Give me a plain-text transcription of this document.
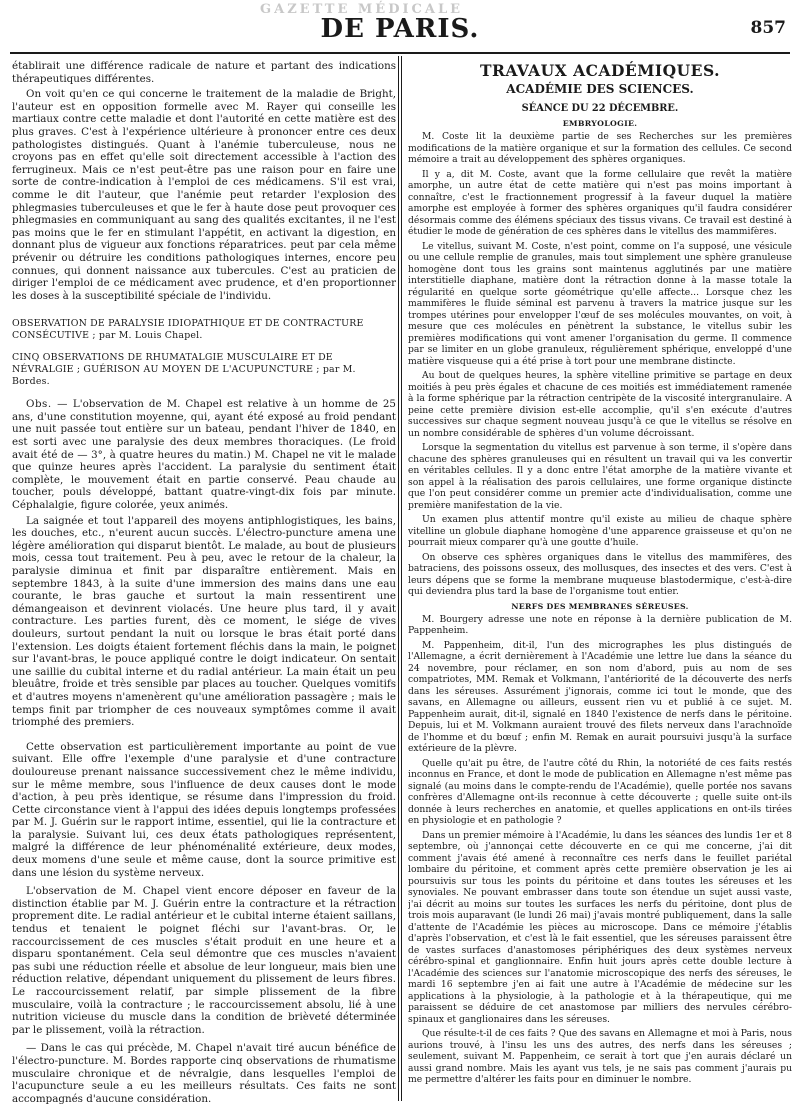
GAZETTE MÉDICALE
DE PARIS.	857

établirait une différence radicale de nature et partant des indications thérapeutiques différentes.

On voit qu'en ce qui concerne le traitement de la maladie de Bright, l'auteur est en opposition formelle avec M. Rayer qui conseille les martiaux contre cette maladie et dont l'autorité en cette matière est des plus graves. C'est à l'expérience ultérieure à prononcer entre ces deux pathologistes distingués. Quant à l'anémie tuberculeuse, nous ne croyons pas en effet qu'elle soit directement accessible à l'action des ferrugineux. Mais ce n'est peut-être pas une raison pour en faire une sorte de contre-indication à l'emploi de ces médicamens. S'il est vrai, comme le dit l'auteur, que l'anémie peut retarder l'explosion des phlegmasies tuberculeuses et que le fer à haute dose peut provoquer ces phlegmasies en communiquant au sang des qualités excitantes, il ne l'est pas moins que le fer en stimulant l'appétit, en activant la digestion, en donnant plus de vigueur aux fonctions réparatrices. peut par cela même prévenir ou détruire les conditions pathologiques internes, encore peu connues, qui donnent naissance aux tubercules. C'est au praticien de diriger l'emploi de ce médicament avec prudence, et d'en proportionner les doses à la susceptibilité spéciale de l'individu.

OBSERVATION DE PARALYSIE IDIOPATHIQUE ET DE CONTRACTURE CONSÉCUTIVE ; par M. Louis Chapel.
CINQ OBSERVATIONS DE RHUMATALGIE MUSCULAIRE ET DE NÉVRALGIE ; GUÉRISON AU MOYEN DE L'ACUPUNCTURE ; par M. Bordes.

Obs. — L'observation de M. Chapel est relative à un homme de 25 ans, d'une constitution moyenne, qui, ayant été exposé au froid pendant une nuit passée tout entière sur un bateau, pendant l'hiver de 1840, en est sorti avec une paralysie des deux membres thoraciques. (Le froid avait été de — 3°, à quatre heures du matin.) M. Chapel ne vit le malade que quinze heures après l'accident. La paralysie du sentiment était complète, le mouvement était en partie conservé. Peau chaude au toucher, pouls développé, battant quatre-vingt-dix fois par minute. Céphalalgie, figure colorée, yeux animés.

La saignée et tout l'appareil des moyens antiphlogistiques, les bains, les douches, etc., n'eurent aucun succès. L'électro-puncture amena une légère amélioration qui disparut bientôt. Le malade, au bout de plusieurs mois, cessa tout traitement. Peu à peu, avec le retour de la chaleur, la paralysie diminua et finit par disparaître entièrement. Mais en septembre 1843, à la suite d'une immersion des mains dans une eau courante, le bras gauche et surtout la main ressentirent une démangeaison et devinrent violacés. Une heure plus tard, il y avait contracture. Les parties furent, dès ce moment, le siége de vives douleurs, surtout pendant la nuit ou lorsque le bras était porté dans l'extension. Les doigts étaient fortement fléchis dans la main, le poignet sur l'avant-bras, le pouce appliqué contre le doigt indicateur. On sentait une saillie du cubital interne et du radial antérieur. La main était un peu bleuâtre, froide et très sensible par places au toucher. Quelques vomitifs et d'autres moyens n'amenèrent qu'une amélioration passagère ; mais le temps finit par triompher de ces nouveaux symptômes comme il avait triomphé des premiers.

Cette observation est particulièrement importante au point de vue suivant. Elle offre l'exemple d'une paralysie et d'une contracture douloureuse prenant naissance successivement chez le même individu, sur le même membre, sous l'influence de deux causes dont le mode d'action, à peu près identique, se résume dans l'impression du froid. Cette circonstance vient à l'appui des idées depuis longtemps professées par M. J. Guérin sur le rapport intime, essentiel, qui lie la contracture et la paralysie. Suivant lui, ces deux états pathologiques représentent, malgré la différence de leur phénoménalité extérieure, deux modes, deux momens d'une seule et même cause, dont la source primitive est dans une lésion du système nerveux.

L'observation de M. Chapel vient encore déposer en faveur de la distinction établie par M. J. Guérin entre la contracture et la rétraction proprement dite. Le radial antérieur et le cubital interne étaient saillans, tendus et tenaient le poignet fléchi sur l'avant-bras. Or, le raccourcissement de ces muscles s'était produit en une heure et a disparu spontanément. Cela seul démontre que ces muscles n'avaient pas subi une réduction réelle et absolue de leur longueur, mais bien une réduction relative, dépendant uniquement du plissement de leurs fibres. Le raccourcissement relatif, par simple plissement de la fibre musculaire, voilà la contracture ; le raccourcissement absolu, lié à une nutrition vicieuse du muscle dans la condition de brièveté déterminée par le plissement, voilà la rétraction.

— Dans le cas qui précède, M. Chapel n'avait tiré aucun bénéfice de l'électro-puncture. M. Bordes rapporte cinq observations de rhumatisme musculaire chronique et de névralgie, dans lesquelles l'emploi de l'acupuncture seule a eu les meilleurs résultats. Ces faits ne sont accompagnés d'aucune considération.

TRAVAUX ACADÉMIQUES.
ACADÉMIE DES SCIENCES.
SÉANCE DU 22 DÉCEMBRE.
EMBRYOLOGIE.

M. Coste lit la deuxième partie de ses Recherches sur les premières modifications de la matière organique et sur la formation des cellules. Ce second mémoire a trait au développement des sphères organiques.

Il y a, dit M. Coste, avant que la forme cellulaire que revêt la matière amorphe, un autre état de cette matière qui n'est pas moins important à connaître, c'est le fractionnement progressif à la faveur duquel la matière amorphe est employée à former des sphères organiques qu'il faudra considérer désormais comme des élémens spéciaux des tissus vivans. Ce travail est destiné à étudier le mode de génération de ces sphères dans le vitellus des mammifères.

Le vitellus, suivant M. Coste, n'est point, comme on l'a supposé, une vésicule ou une cellule remplie de granules, mais tout simplement une sphère granuleuse homogène dont tous les grains sont maintenus agglutinés par une matière interstitielle diaphane, matière dont la rétraction donne à la masse totale la régularité en quelque sorte géométrique qu'elle affecte... Lorsque chez les mammifères le fluide séminal est parvenu à travers la matrice jusque sur les trompes utérines pour envelopper l'œuf de ses molécules mouvantes, on voit, à mesure que ces molécules en pénètrent la substance, le vitellus subir les premières modifications qui vont amener l'organisation du germe. Il commence par se limiter en un globe granuleux, régulièrement sphérique, enveloppé d'une matière visqueuse qui a été prise à tort pour une membrane distincte.

Au bout de quelques heures, la sphère vitelline primitive se partage en deux moitiés à peu près égales et chacune de ces moitiés est immédiatement ramenée à la forme sphérique par la rétraction centripète de la viscosité intergranulaire. A peine cette première division est-elle accomplie, qu'il s'en exécute d'autres successives sur chaque segment nouveau jusqu'à ce que le vitellus se résolve en un nombre considérable de sphères d'un volume décroissant.

Lorsque la segmentation du vitellus est parvenue à son terme, il s'opère dans chacune des sphères granuleuses qui en résultent un travail qui va les convertir en véritables cellules. Il y a donc entre l'état amorphe de la matière vivante et son appel à la réalisation des parois cellulaires, une forme organique distincte que l'on peut considérer comme un premier acte d'individualisation, comme une première manifestation de la vie.

Un examen plus attentif montre qu'il existe au milieu de chaque sphère vitelline un globule diaphane homogène d'une apparence graisseuse et qu'on ne pourrait mieux comparer qu'à une goutte d'huile.

On observe ces sphères organiques dans le vitellus des mammifères, des batraciens, des poissons osseux, des mollusques, des insectes et des vers. C'est à leurs dépens que se forme la membrane muqueuse blastodermique, c'est-à-dire qui deviendra plus tard la base de l'organisme tout entier.

NERFS DES MEMBRANES SÉREUSES.

M. Bourgery adresse une note en réponse à la dernière publication de M. Pappenheim.

M. Pappenheim, dit-il, l'un des micrographes les plus distingués de l'Allemagne, a écrit dernièrement à l'Académie une lettre lue dans la séance du 24 novembre, pour réclamer, en son nom d'abord, puis au nom de ses compatriotes, MM. Remak et Volkmann, l'antériorité de la découverte des nerfs dans les séreuses. Assurément j'ignorais, comme ici tout le monde, que des savans, en Allemagne ou ailleurs, eussent rien vu et publié à ce sujet. M. Pappenheim aurait, dit-il, signalé en 1840 l'existence de nerfs dans le péritoine. Depuis, lui et M. Volkmann auraient trouvé des filets nerveux dans l'arachnoïde de l'homme et du bœuf ; enfin M. Remak en aurait poursuivi jusqu'à la surface extérieure de la plèvre.

Quelle qu'ait pu être, de l'autre côté du Rhin, la notoriété de ces faits restés inconnus en France, et dont le mode de publication en Allemagne n'est même pas signalé (au moins dans le compte-rendu de l'Académie), quelle portée nos savans confrères d'Allemagne ont-ils reconnue à cette découverte ; quelle suite ont-ils donnée à leurs recherches en anatomie, et quelles applications en ont-ils tirées en physiologie et en pathologie ?

Dans un premier mémoire à l'Académie, lu dans les séances des lundis 1er et 8 septembre, où j'annonçai cette découverte en ce qui me concerne, j'ai dit comment j'avais été amené à reconnaître ces nerfs dans le feuillet pariétal lombaire du péritoine, et comment après cette première observation je les ai poursuivis sur tous les points du péritoine et dans toutes les séreuses et les synoviales. Ne pouvant embrasser dans toute son étendue un sujet aussi vaste, j'ai décrit au moins sur toutes les surfaces les nerfs du péritoine, dont plus de trois mois auparavant (le lundi 26 mai) j'avais montré publiquement, dans la salle d'attente de l'Académie les pièces au microscope. Dans ce mémoire j'établis d'après l'observation, et c'est là le fait essentiel, que les séreuses paraissent être de vastes surfaces d'anastomoses périphériques des deux systèmes nerveux cérébro-spinal et ganglionnaire. Enfin huit jours après cette double lecture à l'Académie des sciences sur l'anatomie microscopique des nerfs des séreuses, le mardi 16 septembre j'en ai fait une autre à l'Académie de médecine sur les applications à la physiologie, à la pathologie et à la thérapeutique, qui me paraissent se déduire de cet anastomose par milliers des nervules cérébro-spinaux et ganglionaires dans les séreuses.

Que résulte-t-il de ces faits ? Que des savans en Allemagne et moi à Paris, nous aurions trouvé, à l'insu les uns des autres, des nerfs dans les séreuses ; seulement, suivant M. Pappenheim, ce serait à tort que j'en aurais déclaré un aussi grand nombre. Mais les ayant vus tels, je ne sais pas comment j'aurais pu me permettre d'altérer les faits pour en diminuer le nombre.
